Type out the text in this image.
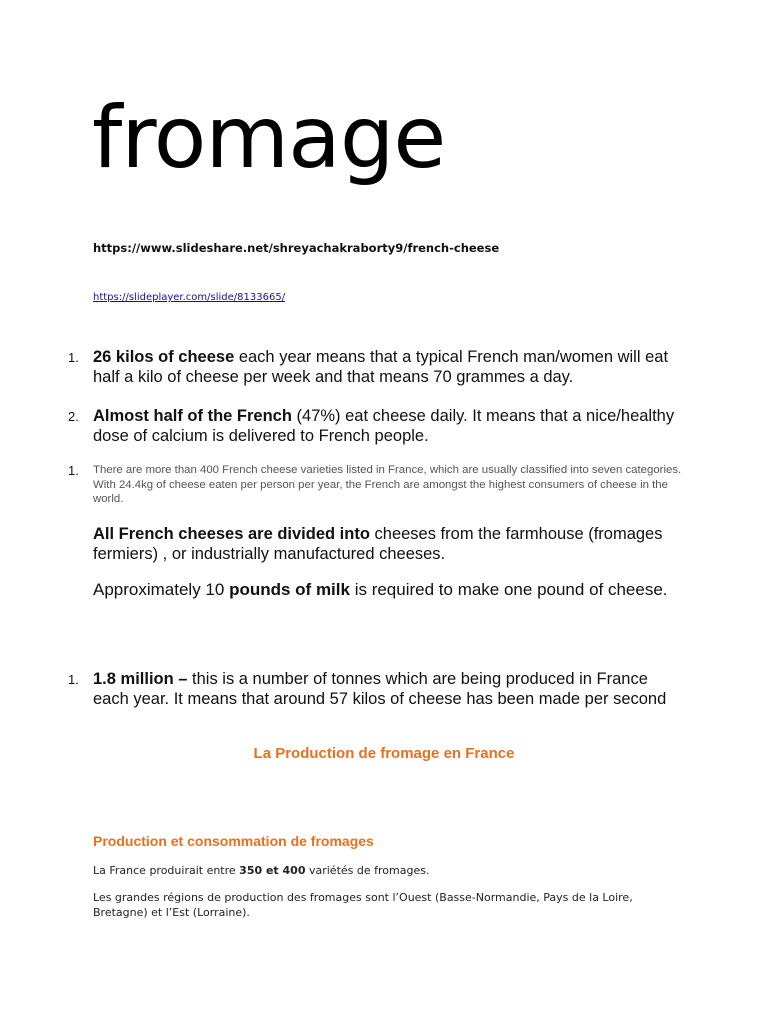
fromage
https://www.slideshare.net/shreyachakraborty9/french-cheese
https://slideplayer.com/slide/8133665/
1. 26 kilos of cheese each year means that a typical French man/women will eat half a kilo of cheese per week and that means 70 grammes a day.
2. Almost half of the French (47%) eat cheese daily. It means that a nice/healthy dose of calcium is delivered to French people.
1.	There are more than 400 French cheese varieties listed in France, which are usually classified into seven categories. With 24.4kg of cheese eaten per person per year, the French are amongst the highest consumers of cheese in the world.
All French cheeses are divided into cheeses from the farmhouse (fromages fermiers) , or industrially manufactured cheeses.
Approximately 10 pounds of milk is required to make one pound of cheese.
1. 1.8 million – this is a number of tonnes which are being produced in France each year. It means that around 57 kilos of cheese has been made per second
La Production de fromage en France
Production et consommation de fromages
La France produirait entre 350 et 400 variétés de fromages.
Les grandes régions de production des fromages sont l’Ouest (Basse-Normandie, Pays de la Loire, Bretagne) et l’Est (Lorraine).
